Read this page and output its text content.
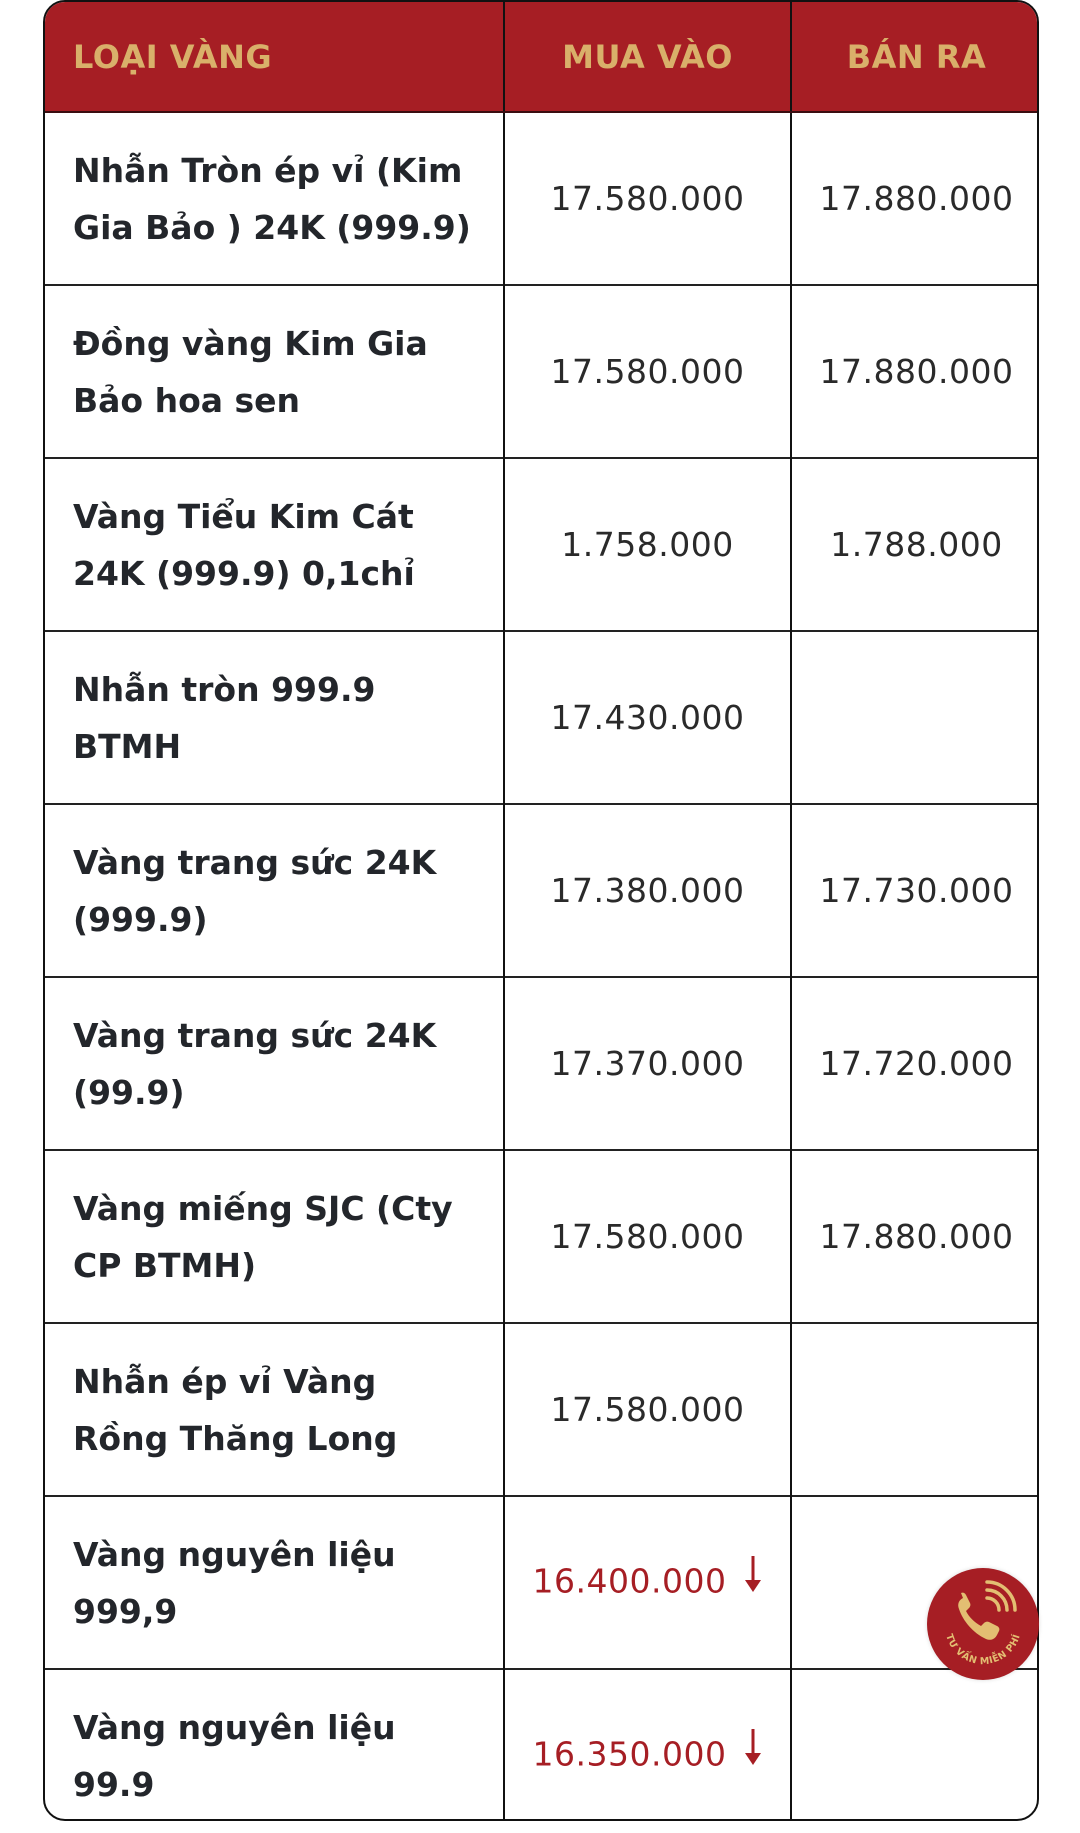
LOẠI VÀNG	MUA VÀO	BÁN RA
Nhẫn Tròn ép vỉ (Kim Gia Bảo ) 24K (999.9)	17.580.000	17.880.000
Đồng vàng Kim Gia Bảo hoa sen	17.580.000	17.880.000
Vàng Tiểu Kim Cát 24K (999.9) 0,1chỉ	1.758.000	1.788.000
Nhẫn tròn 999.9 BTMH	17.430.000	
Vàng trang sức 24K (999.9)	17.380.000	17.730.000
Vàng trang sức 24K (99.9)	17.370.000	17.720.000
Vàng miếng SJC (Cty CP BTMH)	17.580.000	17.880.000
Nhẫn ép vỉ Vàng Rồng Thăng Long	17.580.000	
Vàng nguyên liệu 999,9	16.400.000	
Vàng nguyên liệu 99.9	16.350.000	
TƯ VẤN MIỄN PHÍ
